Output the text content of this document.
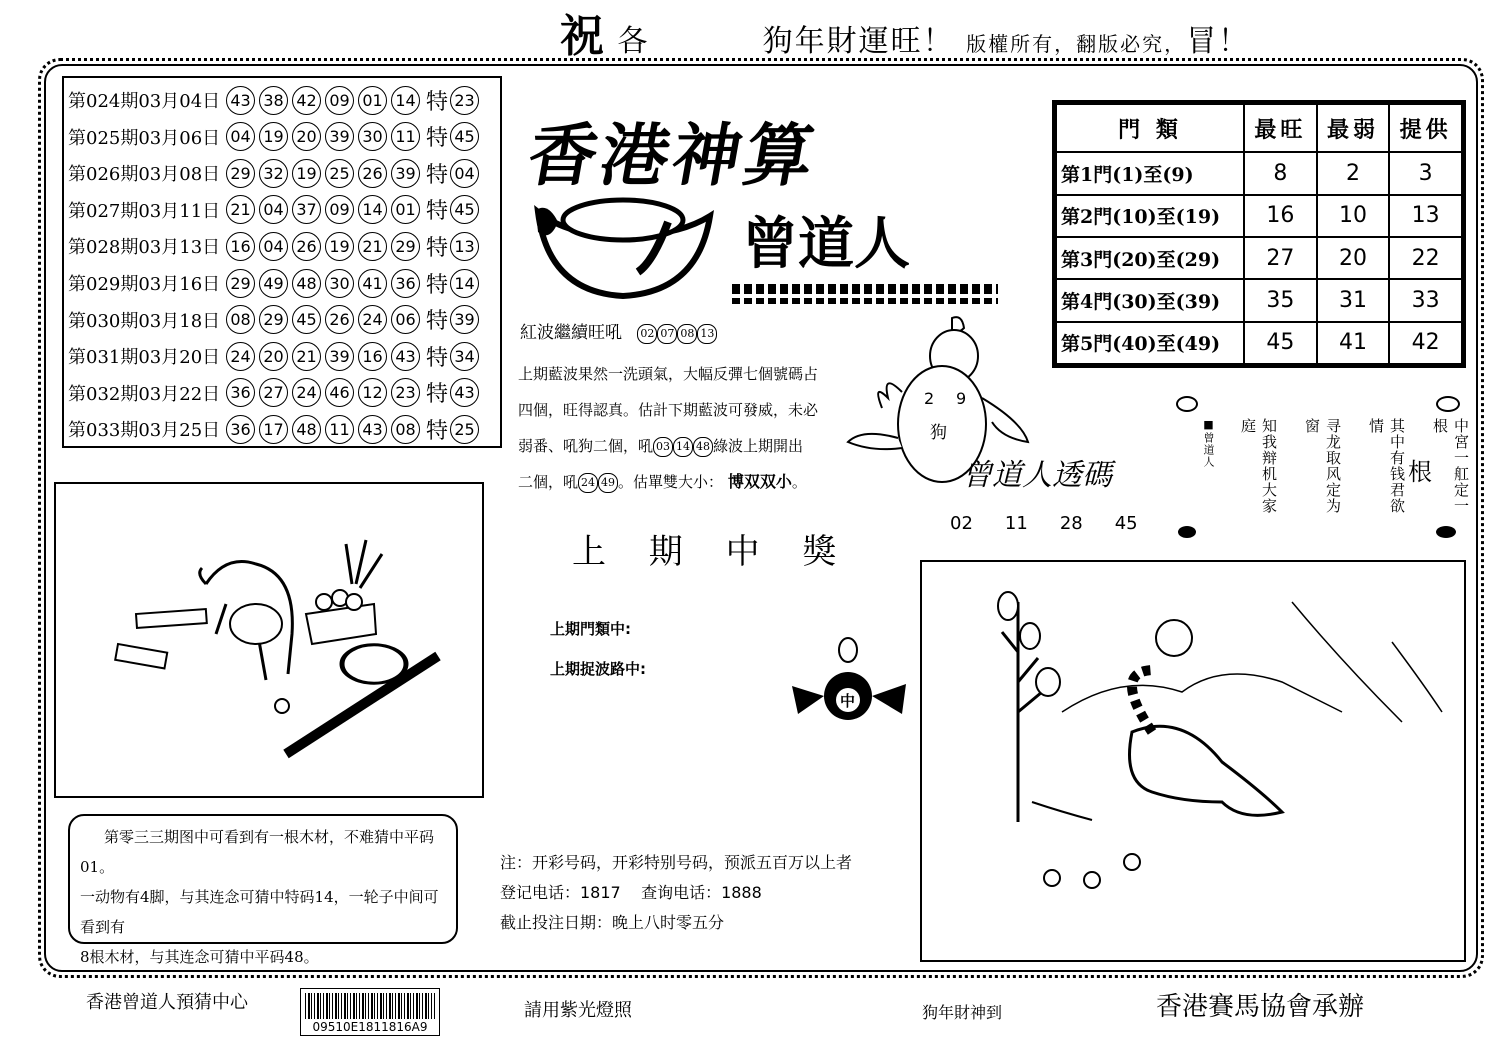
祝 各	狗年財運旺！ 版權所有，翻版必究，冒！
第024期03月04日 43 38 42 09 01 14 特 23
第025期03月06日 04 19 20 39 30 11 特 45
第026期03月08日 29 32 19 25 26 39 特 04
第027期03月11日 21 04 37 09 14 01 特 45
第028期03月13日 16 04 26 19 21 29 特 13
第029期03月16日 29 49 48 30 41 36 特 14
第030期03月18日 08 29 45 26 24 06 特 39
第031期03月20日 24 20 21 39 16 43 特 34
第032期03月22日 36 27 24 46 12 23 特 43
第033期03月25日 36 17 48 11 43 08 特 25
香港神算
曾道人
紅波繼續旺吼 02 07 08 13
上期藍波果然一洗頭氣，大幅反彈七個號碼占
四個，旺得認真。估計下期藍波可發威，未必
弱番、吼狗二個，吼 03 14 48 綠波上期開出
二個，吼 24 49 。估單雙大小： 博双双小。
2 9
狗
門 類	最旺	最弱	提供
第1門(1)至(9)	8	2	3
第2門(10)至(19)	16	10	13
第3門(20)至(29)	27	20	22
第4門(30)至(39)	35	31	33
第5門(40)至(49)	45	41	42
曾道人透碼
02 11 28 45
中宮一舡定一根
其中有钱君欲情
寻龙取风定为窗
知我辩机大家庭
■曾道人
根
上 期 中 獎
上期門類中:
上期捉波路中:
中
第零三三期图中可看到有一根木材，不难猜中平码01。
一动物有4脚，与其连念可猜中特码14，一轮子中间可看到有
8根木材，与其连念可猜中平码48。
注：开彩号码，开彩特别号码，预派五百万以上者
登记电话：1817    查询电话：1888
截止投注日期：晚上八时零五分
香港曾道人預猜中心
09510E1811816A9
請用紫光燈照	狗年財神到	香港賽馬協會承辦
